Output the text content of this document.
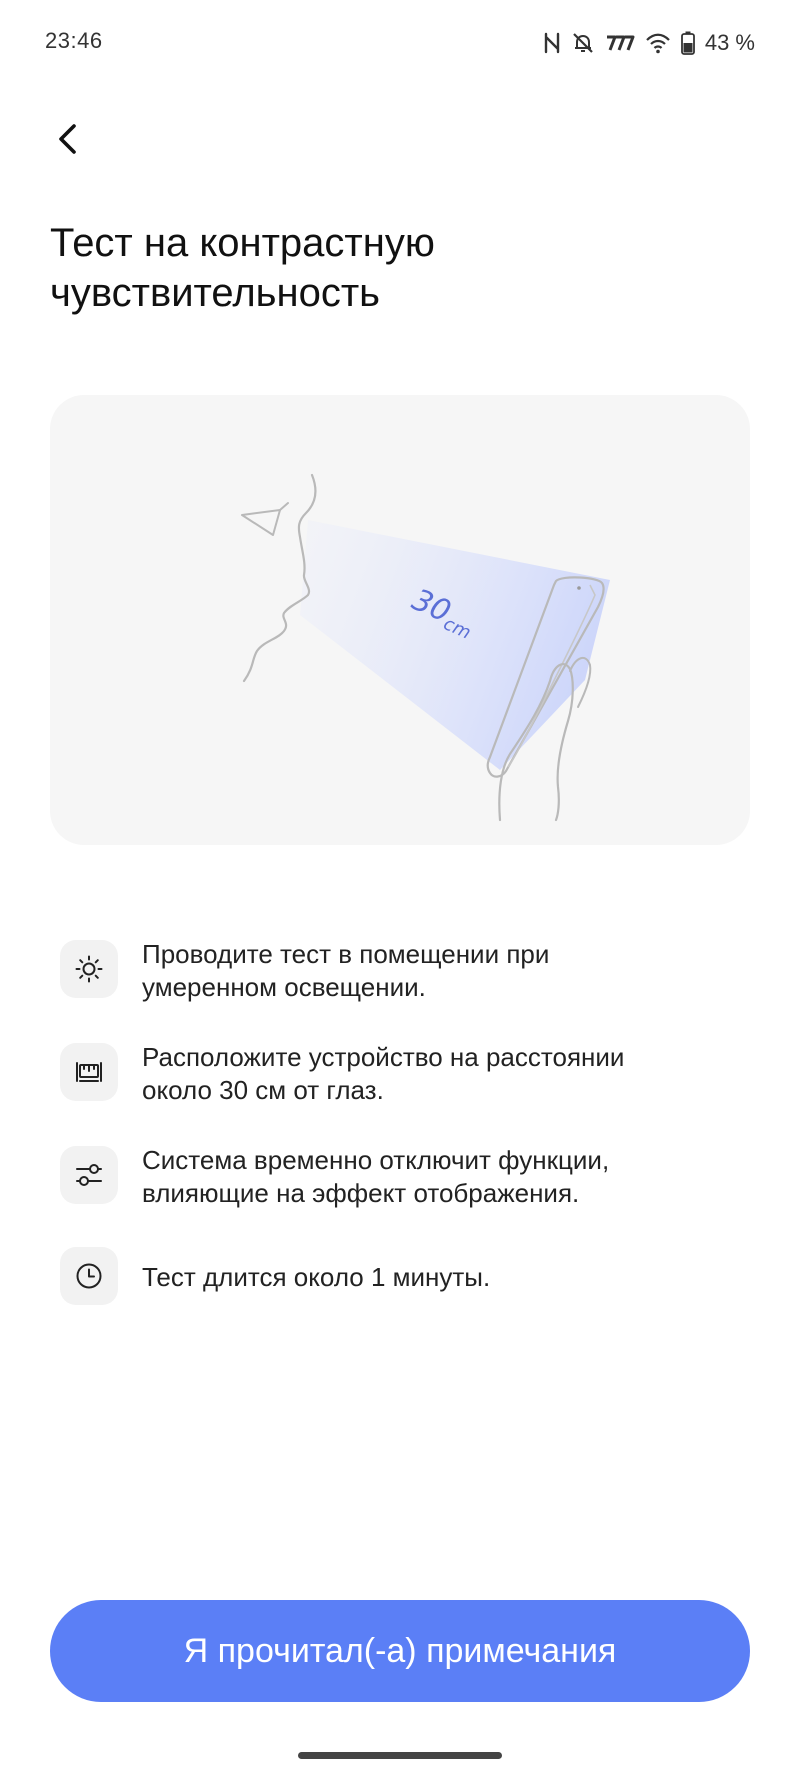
23:46	43 %
Тест на контрастную
чувствительность
30
cm
Проводите тест в помещении при
умеренном освещении.
Расположите устройство на расстоянии
около 30 см от глаз.
Система временно отключит функции,
влияющие на эффект отображения.
Тест длится около 1 минуты.
Я прочитал(-а) примечания
